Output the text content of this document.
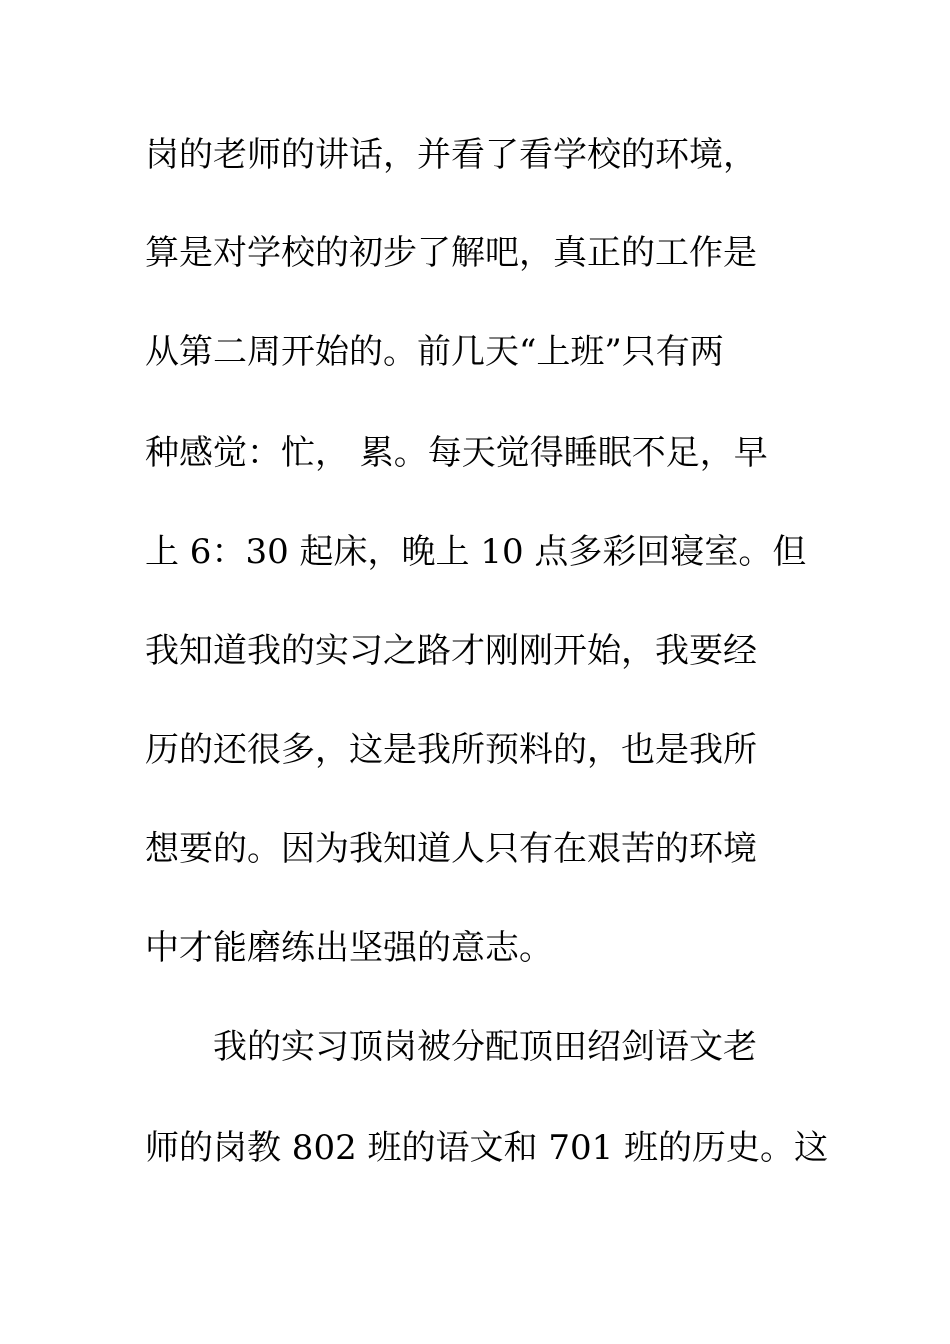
岗的老师的讲话，并看了看学校的环境，
算是对学校的初步了解吧，真正的工作是
从第二周开始的。前几天“上班”只有两
种感觉：忙， 累。每天觉得睡眠不足，早
上 6：30 起床，晚上 10 点多彩回寝室。但
我知道我的实习之路才刚刚开始，我要经
历的还很多，这是我所预料的，也是我所
想要的。因为我知道人只有在艰苦的环境
中才能磨练出坚强的意志。
我的实习顶岗被分配顶田绍剑语文老
师的岗教 802 班的语文和 701 班的历史。这
